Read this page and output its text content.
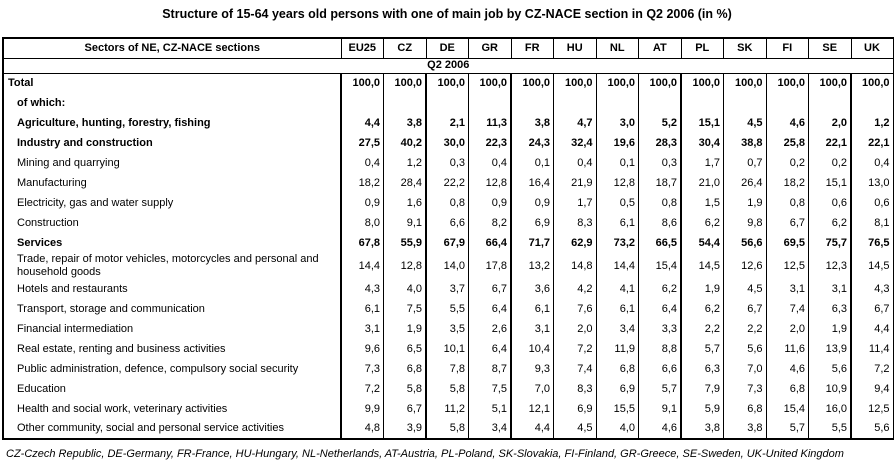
Structure of 15-64 years old persons with one of main job by CZ-NACE section in Q2 2006 (in %)
Sectors of NE, CZ-NACE sections	EU25	CZ	DE	GR	FR	HU	NL	AT	PL	SK	FI	SE	UK
Q2 2006													
Total	100,0	100,0	100,0	100,0	100,0	100,0	100,0	100,0	100,0	100,0	100,0	100,0	100,0
of which:													
Agriculture, hunting, forestry, fishing	4,4	3,8	2,1	11,3	3,8	4,7	3,0	5,2	15,1	4,5	4,6	2,0	1,2
Industry and construction	27,5	40,2	30,0	22,3	24,3	32,4	19,6	28,3	30,4	38,8	25,8	22,1	22,1
Mining and quarrying	0,4	1,2	0,3	0,4	0,1	0,4	0,1	0,3	1,7	0,7	0,2	0,2	0,4
Manufacturing	18,2	28,4	22,2	12,8	16,4	21,9	12,8	18,7	21,0	26,4	18,2	15,1	13,0
Electricity, gas and water supply	0,9	1,6	0,8	0,9	0,9	1,7	0,5	0,8	1,5	1,9	0,8	0,6	0,6
Construction	8,0	9,1	6,6	8,2	6,9	8,3	6,1	8,6	6,2	9,8	6,7	6,2	8,1
Services	67,8	55,9	67,9	66,4	71,7	62,9	73,2	66,5	54,4	56,6	69,5	75,7	76,5
Trade, repair of motor vehicles, motorcycles and personal and household goods	14,4	12,8	14,0	17,8	13,2	14,8	14,4	15,4	14,5	12,6	12,5	12,3	14,5
Hotels and restaurants	4,3	4,0	3,7	6,7	3,6	4,2	4,1	6,2	1,9	4,5	3,1	3,1	4,3
Transport, storage and communication	6,1	7,5	5,5	6,4	6,1	7,6	6,1	6,4	6,2	6,7	7,4	6,3	6,7
Financial intermediation	3,1	1,9	3,5	2,6	3,1	2,0	3,4	3,3	2,2	2,2	2,0	1,9	4,4
Real estate, renting and business activities	9,6	6,5	10,1	6,4	10,4	7,2	11,9	8,8	5,7	5,6	11,6	13,9	11,4
Public administration, defence, compulsory social security	7,3	6,8	7,8	8,7	9,3	7,4	6,8	6,6	6,3	7,0	4,6	5,6	7,2
Education	7,2	5,8	5,8	7,5	7,0	8,3	6,9	5,7	7,9	7,3	6,8	10,9	9,4
Health and social work, veterinary activities	9,9	6,7	11,2	5,1	12,1	6,9	15,5	9,1	5,9	6,8	15,4	16,0	12,5
Other community, social and personal service activities	4,8	3,9	5,8	3,4	4,4	4,5	4,0	4,6	3,8	3,8	5,7	5,5	5,6
CZ-Czech Republic, DE-Germany, FR-France, HU-Hungary, NL-Netherlands, AT-Austria, PL-Poland, SK-Slovakia, FI-Finland, GR-Greece, SE-Sweden, UK-United Kingdom
